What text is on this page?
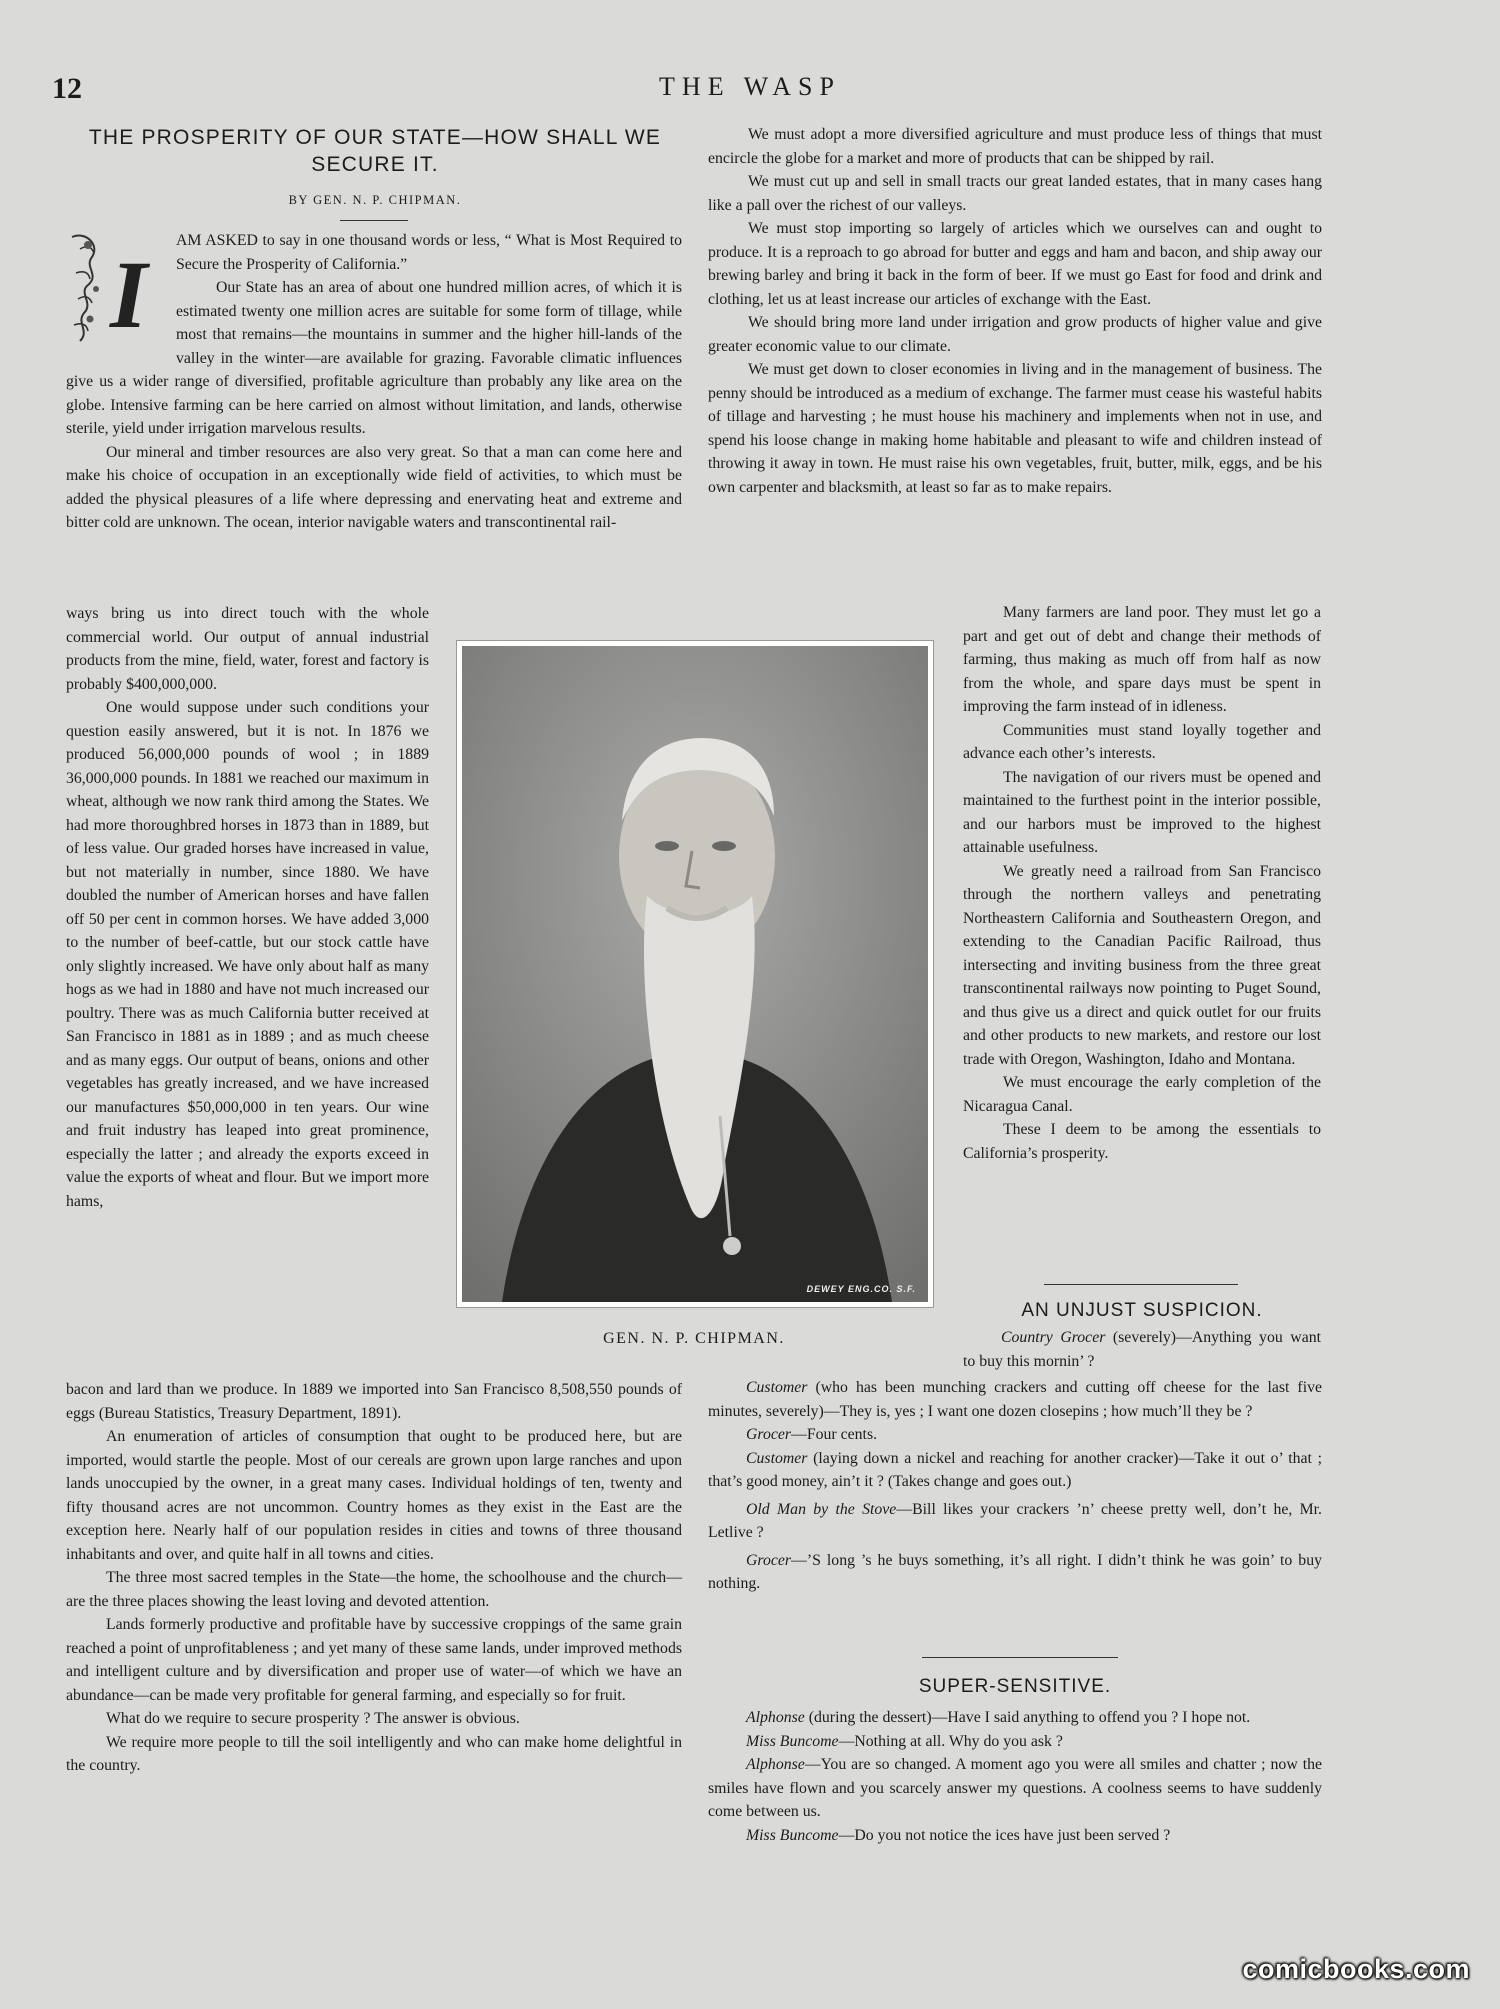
12	THE WASP
THE PROSPERITY OF OUR STATE—HOW SHALL WE SECURE IT.
BY GEN. N. P. CHIPMAN.
I

AM ASKED to say in one thousand words or less, “ What is Most Required to Secure the Prosperity of California.”

Our State has an area of about one hundred million acres, of which it is estimated twenty one million acres are suitable for some form of tillage, while most that remains—the mountains in summer and the higher hill-lands of the valley in the winter—are available for grazing. Favorable climatic influences give us a wider range of diversified, profitable agriculture than probably any like area on the globe. Intensive farming can be here carried on almost without limitation, and lands, otherwise sterile, yield under irrigation marvelous results.

Our mineral and timber resources are also very great. So that a man can come here and make his choice of occupation in an exceptionally wide field of activities, to which must be added the physical pleasures of a life where depressing and enervating heat and extreme and bitter cold are unknown. The ocean, interior navigable waters and transcontinental rail-

ways bring us into direct touch with the whole commercial world. Our output of annual industrial products from the mine, field, water, forest and factory is probably $400,000,000.

One would suppose under such conditions your question easily answered, but it is not. In 1876 we produced 56,000,000 pounds of wool ; in 1889 36,000,000 pounds. In 1881 we reached our maximum in wheat, although we now rank third among the States. We had more thoroughbred horses in 1873 than in 1889, but of less value. Our graded horses have increased in value, but not materially in number, since 1880. We have doubled the number of American horses and have fallen off 50 per cent in common horses. We have added 3,000 to the number of beef-cattle, but our stock cattle have only slightly increased. We have only about half as many hogs as we had in 1880 and have not much increased our poultry. There was as much California butter received at San Francisco in 1881 as in 1889 ; and as much cheese and as many eggs. Our output of beans, onions and other vegetables has greatly increased, and we have increased our manufactures $50,000,000 in ten years. Our wine and fruit industry has leaped into great prominence, especially the latter ; and already the exports exceed in value the exports of wheat and flour. But we import more hams,

bacon and lard than we produce. In 1889 we imported into San Francisco 8,508,550 pounds of eggs (Bureau Statistics, Treasury Department, 1891).

An enumeration of articles of consumption that ought to be produced here, but are imported, would startle the people. Most of our cereals are grown upon large ranches and upon lands unoccupied by the owner, in a great many cases. Individual holdings of ten, twenty and fifty thousand acres are not uncommon. Country homes as they exist in the East are the exception here. Nearly half of our population resides in cities and towns of three thousand inhabitants and over, and quite half in all towns and cities.

The three most sacred temples in the State—the home, the schoolhouse and the church—are the three places showing the least loving and devoted attention.

Lands formerly productive and profitable have by successive croppings of the same grain reached a point of unprofitableness ; and yet many of these same lands, under improved methods and intelligent culture and by diversification and proper use of water—of which we have an abundance—can be made very profitable for general farming, and especially so for fruit.

What do we require to secure prosperity ? The answer is obvious.

We require more people to till the soil intelligently and who can make home delightful in the country.

We must adopt a more diversified agriculture and must produce less of things that must encircle the globe for a market and more of products that can be shipped by rail.

We must cut up and sell in small tracts our great landed estates, that in many cases hang like a pall over the richest of our valleys.

We must stop importing so largely of articles which we ourselves can and ought to produce. It is a reproach to go abroad for butter and eggs and ham and bacon, and ship away our brewing barley and bring it back in the form of beer. If we must go East for food and drink and clothing, let us at least increase our articles of exchange with the East.

We should bring more land under irrigation and grow products of higher value and give greater economic value to our climate.

We must get down to closer economies in living and in the management of business. The penny should be introduced as a medium of exchange. The farmer must cease his wasteful habits of tillage and harvesting ; he must house his machinery and implements when not in use, and spend his loose change in making home habitable and pleasant to wife and children instead of throwing it away in town. He must raise his own vegetables, fruit, butter, milk, eggs, and be his own carpenter and blacksmith, at least so far as to make repairs.

Many farmers are land poor. They must let go a part and get out of debt and change their methods of farming, thus making as much off from half as now from the whole, and spare days must be spent in improving the farm instead of in idleness.

Communities must stand loyally together and advance each other’s interests.

The navigation of our rivers must be opened and maintained to the furthest point in the interior possible, and our harbors must be improved to the highest attainable usefulness.

We greatly need a railroad from San Francisco through the northern valleys and penetrating Northeastern California and Southeastern Oregon, and extending to the Canadian Pacific Railroad, thus intersecting and inviting business from the three great transcontinental railways now pointing to Puget Sound, and thus give us a direct and quick outlet for our fruits and other products to new markets, and restore our lost trade with Oregon, Washington, Idaho and Montana.

We must encourage the early completion of the Nicaragua Canal.

These I deem to be among the essentials to California’s prosperity.

DEWEY ENG.CO. S.F.
GEN. N. P. CHIPMAN.
AN UNJUST SUSPICION.

Country Grocer (severely)—Anything you want to buy this mornin’ ?

Customer (who has been munching crackers and cutting off cheese for the last five minutes, severely)—They is, yes ; I want one dozen closepins ; how much’ll they be ?

Grocer—Four cents.

Customer (laying down a nickel and reaching for another cracker)—Take it out o’ that ; that’s good money, ain’t it ? (Takes change and goes out.)

Old Man by the Stove—Bill likes your crackers ’n’ cheese pretty well, don’t he, Mr. Letlive ?

Grocer—’S long ’s he buys something, it’s all right. I didn’t think he was goin’ to buy nothing.

SUPER-SENSITIVE.

Alphonse (during the dessert)—Have I said anything to offend you ? I hope not.

Miss Buncome—Nothing at all. Why do you ask ?

Alphonse—You are so changed. A moment ago you were all smiles and chatter ; now the smiles have flown and you scarcely answer my questions. A coolness seems to have suddenly come between us.

Miss Buncome—Do you not notice the ices have just been served ?

comicbooks.com
